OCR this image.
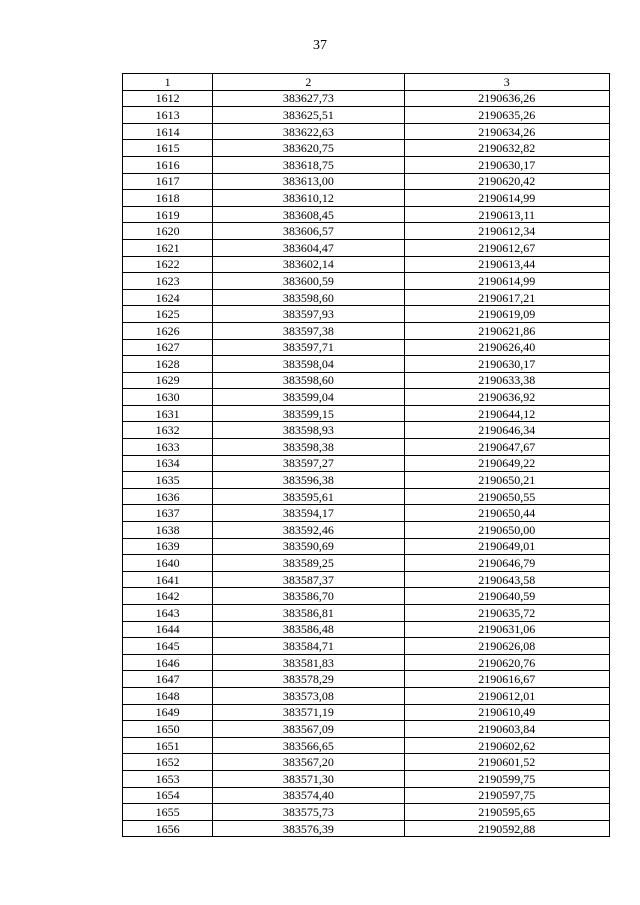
37
1	2	3
1612	383627,73	2190636,26
1613	383625,51	2190635,26
1614	383622,63	2190634,26
1615	383620,75	2190632,82
1616	383618,75	2190630,17
1617	383613,00	2190620,42
1618	383610,12	2190614,99
1619	383608,45	2190613,11
1620	383606,57	2190612,34
1621	383604,47	2190612,67
1622	383602,14	2190613,44
1623	383600,59	2190614,99
1624	383598,60	2190617,21
1625	383597,93	2190619,09
1626	383597,38	2190621,86
1627	383597,71	2190626,40
1628	383598,04	2190630,17
1629	383598,60	2190633,38
1630	383599,04	2190636,92
1631	383599,15	2190644,12
1632	383598,93	2190646,34
1633	383598,38	2190647,67
1634	383597,27	2190649,22
1635	383596,38	2190650,21
1636	383595,61	2190650,55
1637	383594,17	2190650,44
1638	383592,46	2190650,00
1639	383590,69	2190649,01
1640	383589,25	2190646,79
1641	383587,37	2190643,58
1642	383586,70	2190640,59
1643	383586,81	2190635,72
1644	383586,48	2190631,06
1645	383584,71	2190626,08
1646	383581,83	2190620,76
1647	383578,29	2190616,67
1648	383573,08	2190612,01
1649	383571,19	2190610,49
1650	383567,09	2190603,84
1651	383566,65	2190602,62
1652	383567,20	2190601,52
1653	383571,30	2190599,75
1654	383574,40	2190597,75
1655	383575,73	2190595,65
1656	383576,39	2190592,88
